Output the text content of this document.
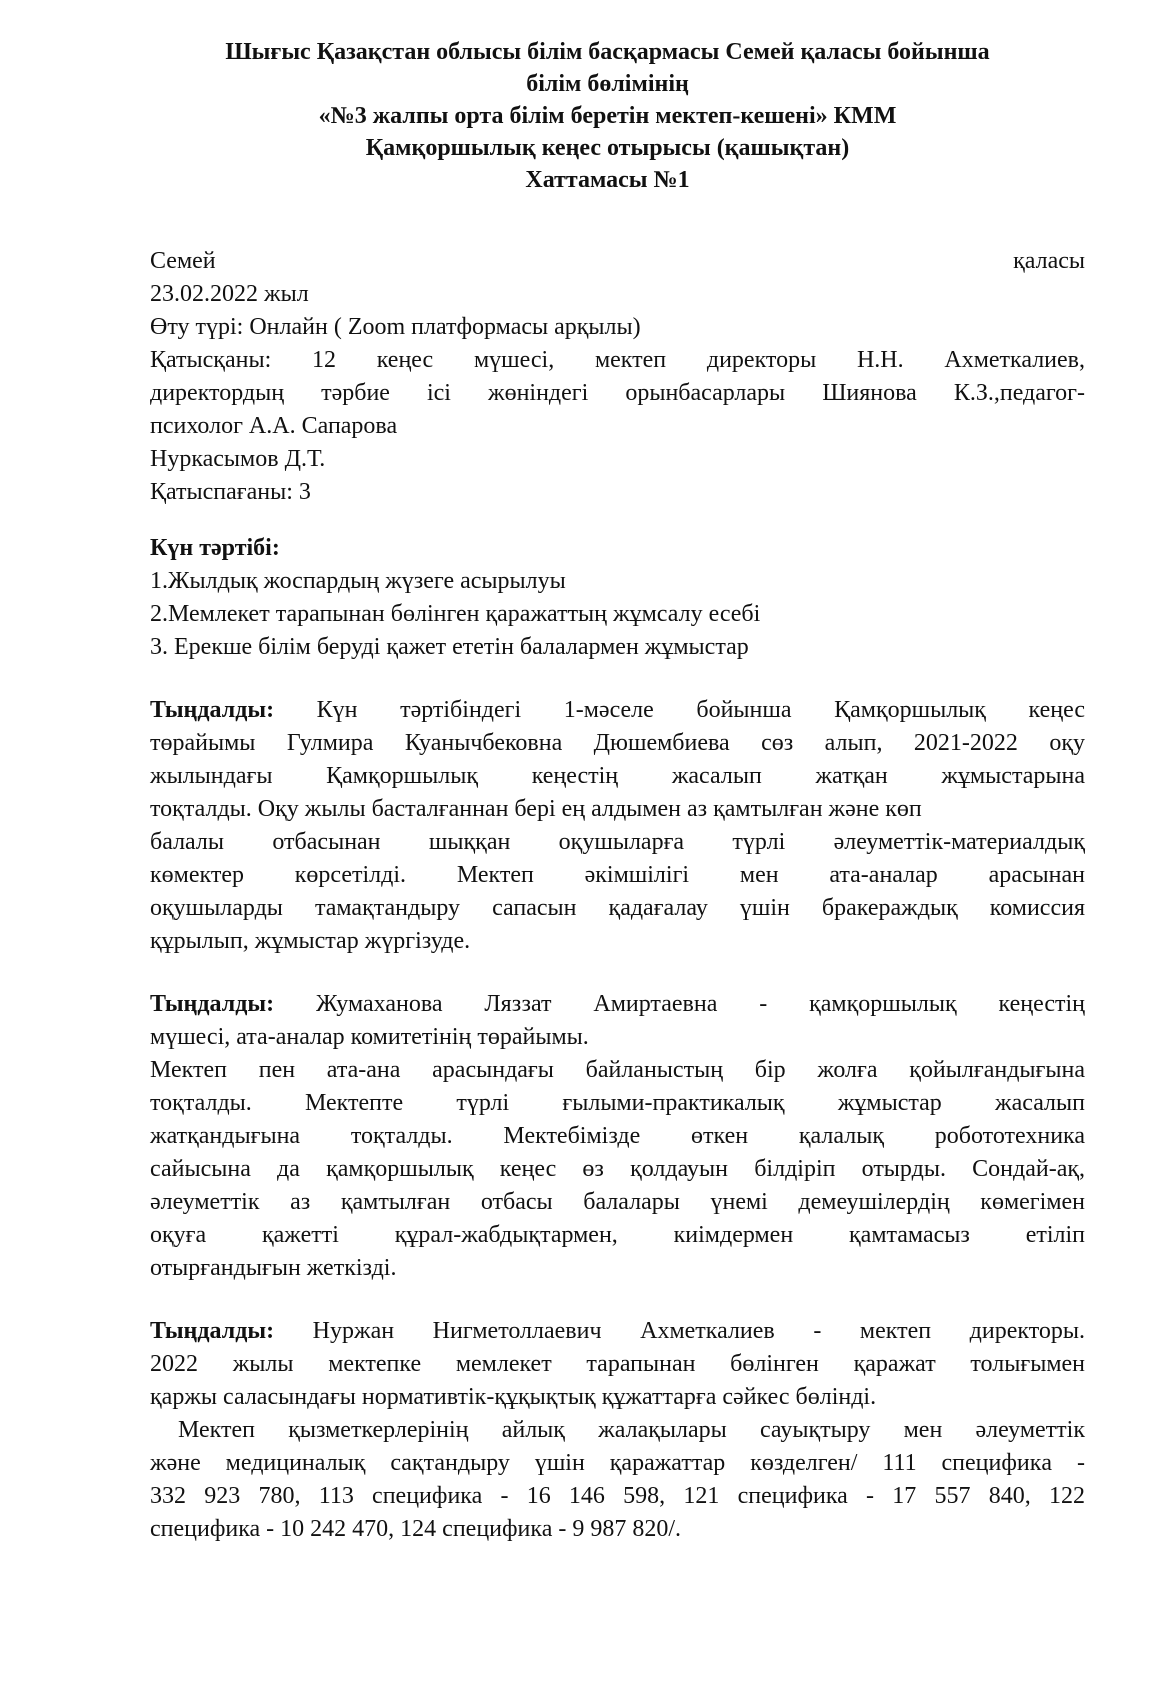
Шығыс Қазақстан облысы білім басқармасы Семей қаласы бойынша
білім бөлімінің
«№3 жалпы орта білім беретін мектеп-кешені» КММ
Қамқоршылық кеңес отырысы (қашықтан)
Хаттамасы №1
Семей	қаласы
23.02.2022 жыл
Өту түрі: Онлайн ( Zoom платформасы арқылы)
Қатысқаны: 12 кеңес мүшесі, мектеп директоры Н.Н. Ахметкалиев,
директордың тәрбие ісі жөніндегі орынбасарлары Шиянова К.З.,педагог-
психолог А.А. Сапарова
Нуркасымов Д.Т.
Қатыспағаны: 3
Күн тәртібі:
1.Жылдық жоспардың жүзеге асырылуы
2.Мемлекет тарапынан бөлінген қаражаттың жұмсалу есебі
3. Ерекше білім беруді қажет ететін балалармен жұмыстар
Тыңдалды: Күн тәртібіндегі 1-мәселе бойынша Қамқоршылық кеңес
төрайымы Гулмира Куанычбековна Дюшембиева сөз алып, 2021-2022 оқу
жылындағы Қамқоршылық кеңестің жасалып жатқан жұмыстарына
тоқталды. Оқу жылы басталғаннан бері ең алдымен аз қамтылған және көп
балалы отбасынан шыққан оқушыларға түрлі әлеуметтік-материалдық
көмектер көрсетілді. Мектеп әкімшілігі мен ата-аналар арасынан
оқушыларды тамақтандыру сапасын қадағалау үшін бракераждық комиссия
құрылып, жұмыстар жүргізуде.
Тыңдалды: Жумаханова Ляззат Амиртаевна - қамқоршылық кеңестің
мүшесі, ата-аналар комитетінің төрайымы.
Мектеп пен ата-ана арасындағы байланыстың бір жолға қойылғандығына
тоқталды. Мектепте түрлі ғылыми-практикалық жұмыстар жасалып
жатқандығына тоқталды. Мектебімізде өткен қалалық робототехника
сайысына да қамқоршылық кеңес өз қолдауын білдіріп отырды. Сондай-ақ,
әлеуметтік аз қамтылған отбасы балалары үнемі демеушілердің көмегімен
оқуға қажетті құрал-жабдықтармен, киімдермен қамтамасыз етіліп
отырғандығын жеткізді.
Тыңдалды: Нуржан Нигметоллаевич Ахметкалиев - мектеп директоры.
2022 жылы мектепке мемлекет тарапынан бөлінген қаражат толығымен
қаржы саласындағы нормативтік-құқықтық құжаттарға сәйкес бөлінді.
Мектеп қызметкерлерінің айлық жалақылары сауықтыру мен әлеуметтік
және медициналық сақтандыру үшін қаражаттар көзделген/ 111 спецификa -
332 923 780, 113 специфика - 16 146 598, 121 специфика - 17 557 840, 122
специфика - 10 242 470, 124 специфика - 9 987 820/.
